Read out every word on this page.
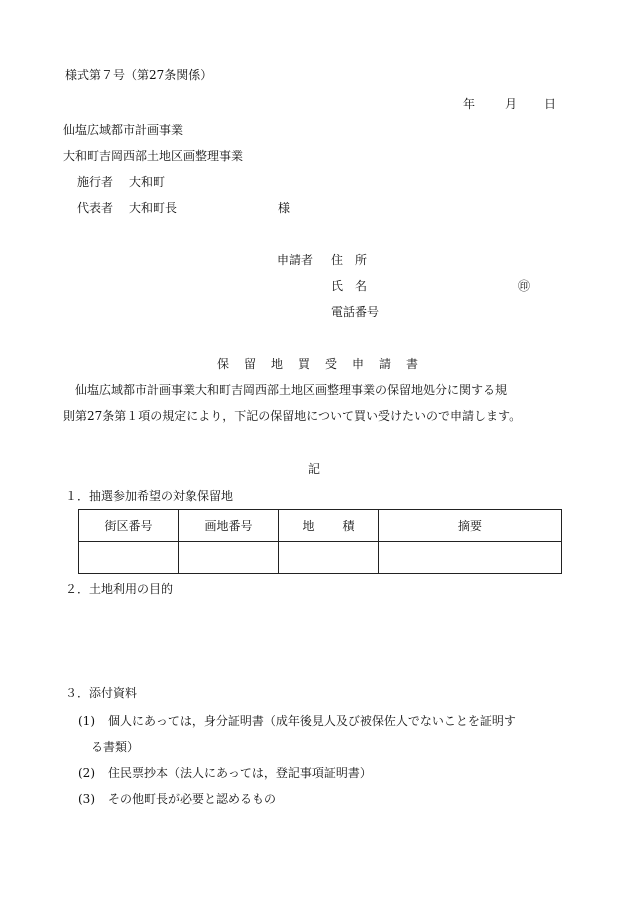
様式第７号（第27条関係）
年 月 日
仙塩広域都市計画事業
大和町吉岡西部土地区画整理事業
施行者 大和町
代表者 大和町長	様
申請者 住　所
氏　名	㊞
電話番号
保留地買受申請書
　仙塩広域都市計画事業大和町吉岡西部土地区画整理事業の保留地処分に関する規
則第27条第１項の規定により，下記の保留地について買い受けたいので申請します。
記
１．抽選参加希望の対象保留地
街区番号	画地番号	地積	摘要

２．土地利用の目的
３．添付資料
(1) 個人にあっては，身分証明書（成年後見人及び被保佐人でないことを証明す
る書類）
(2) 住民票抄本（法人にあっては，登記事項証明書）
(3) その他町長が必要と認めるもの
